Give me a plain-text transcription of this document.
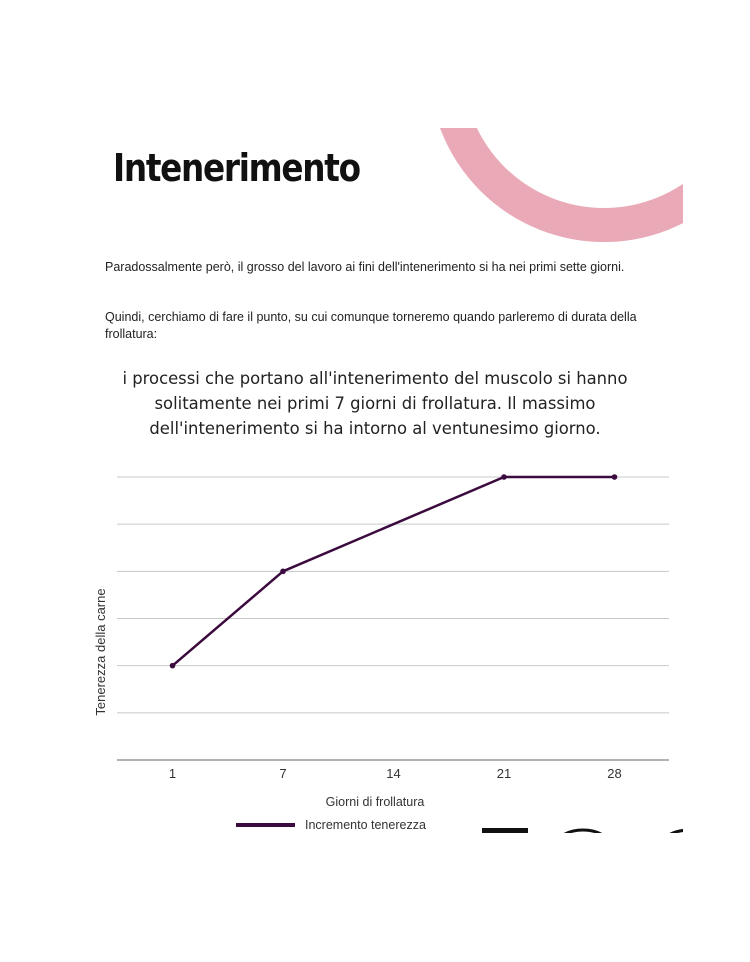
Intenerimento

Paradossalmente però, il grosso del lavoro ai fini dell'intenerimento si ha nei primi sette giorni.

Quindi, cerchiamo di fare il punto, su cui comunque torneremo quando parleremo di durata della frollatura:

i processi che portano all'intenerimento del muscolo si hanno solitamente nei primi 7 giorni di frollatura. Il massimo dell'intenerimento si ha intorno al ventunesimo giorno.

1	7	14	21	28
Giorni di frollatura
Tenerezza della carne
Incremento tenerezza
